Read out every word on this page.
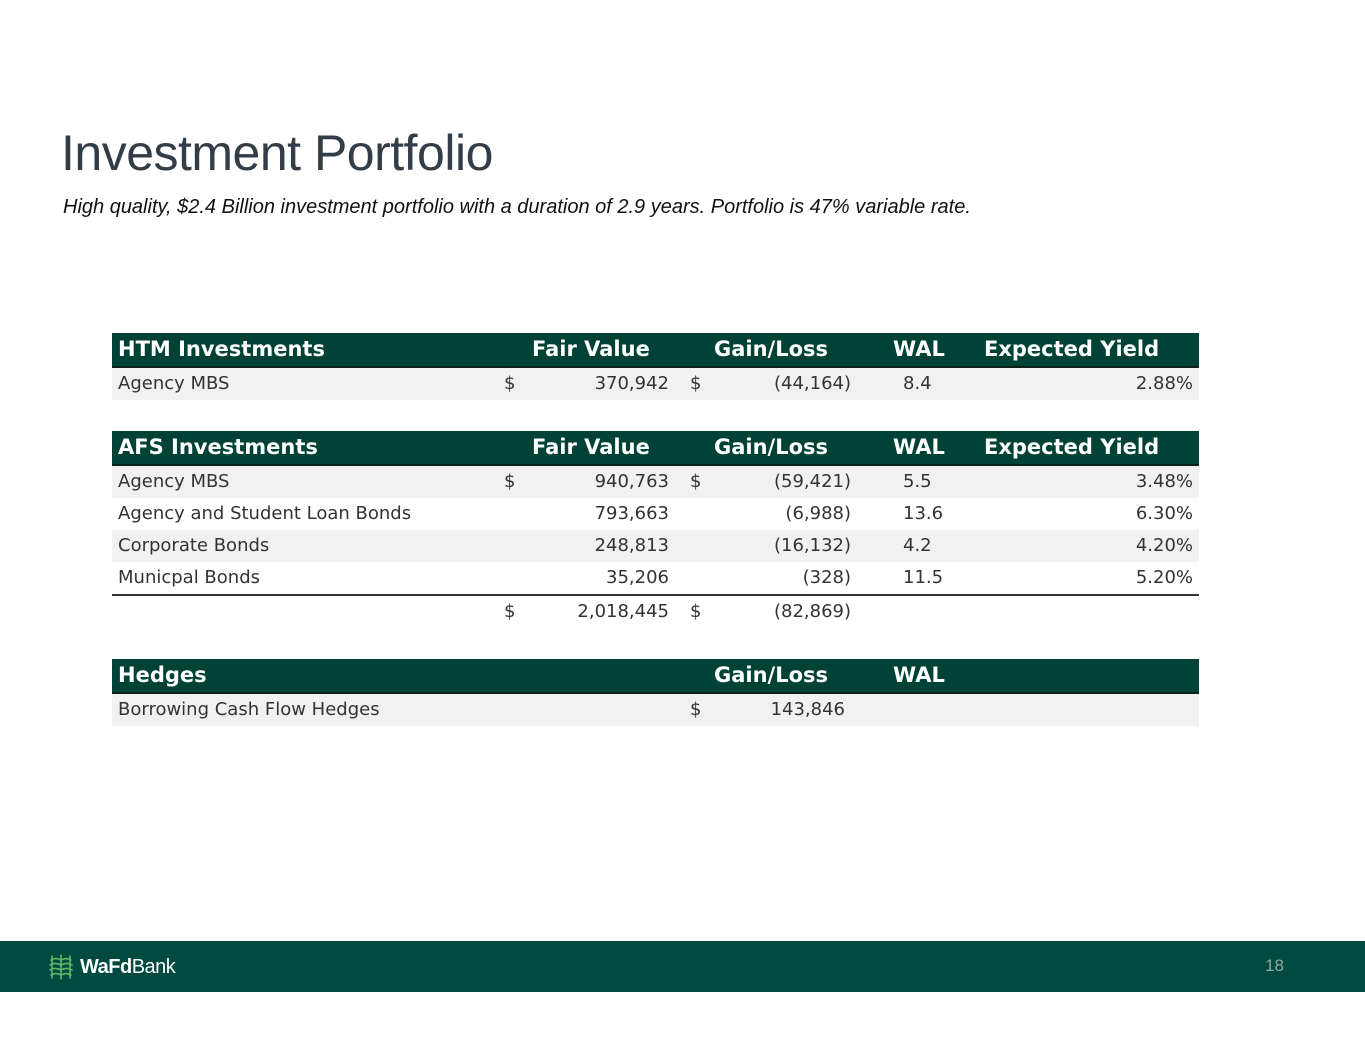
Investment Portfolio
High quality, $2.4 Billion investment portfolio with a duration of 2.9 years. Portfolio is 47% variable rate.
HTM Investments	Fair Value	Gain/Loss	WAL Expected Yield
Agency MBS	$	370,942 $	(44,164)	8.4	2.88%
AFS Investments	Fair Value	Gain/Loss	WAL Expected Yield
Agency MBS	$	940,763 $	(59,421)	5.5	3.48%
Agency and Student Loan Bonds	793,663	(6,988)	13.6	6.30%
Corporate Bonds	248,813	(16,132)	4.2	4.20%
Municpal Bonds	35,206	(328)	11.5	5.20%
$	2,018,445 $	(82,869)
Hedges	Gain/Loss	WAL
Borrowing Cash Flow Hedges	$	143,846
WaFdBank	18
